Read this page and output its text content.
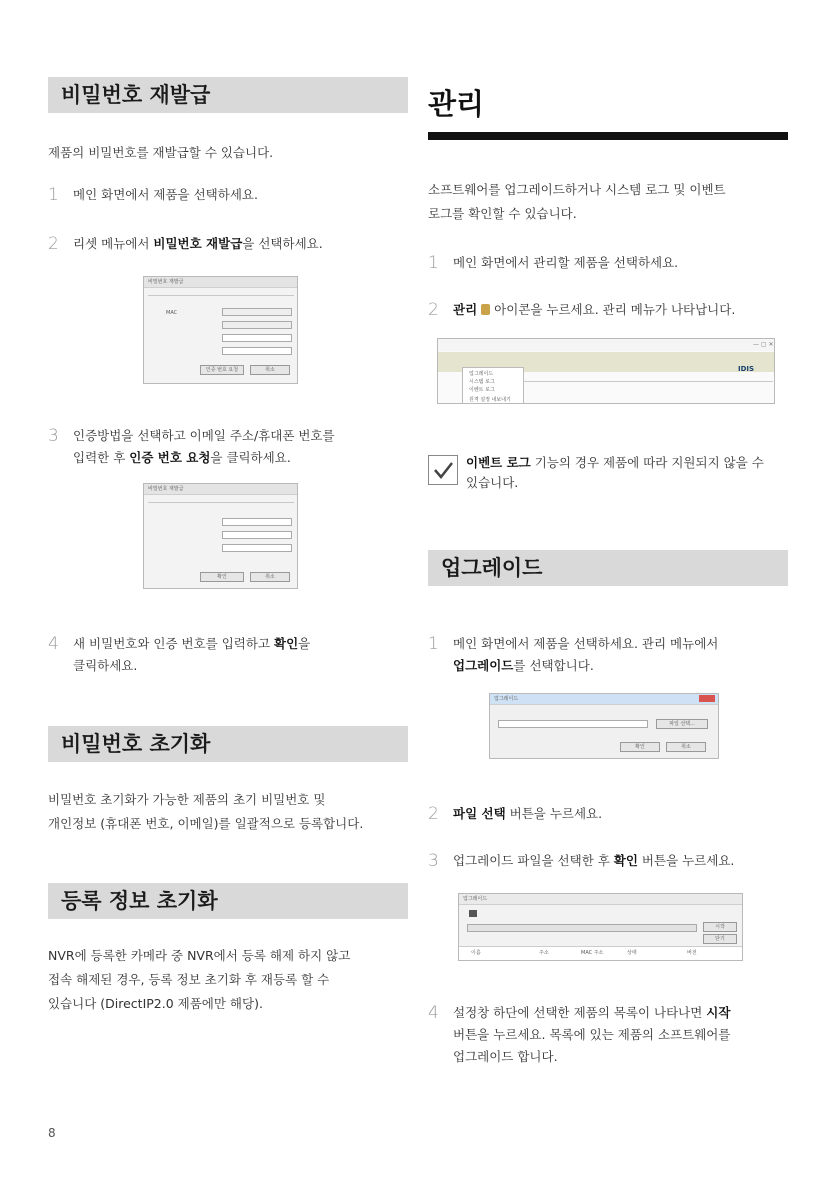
비밀번호 재발급
제품의 비밀번호를 재발급할 수 있습니다.
1 메인 화면에서 제품을 선택하세요.
2 리셋 메뉴에서 비밀번호 재발급을 선택하세요.
비밀번호 재발급
MAC
인증 번호 요청	취소
3 인증방법을 선택하고 이메일 주소/휴대폰 번호를
입력한 후 인증 번호 요청을 클릭하세요.
비밀번호 재발급
확인	취소
4 새 비밀번호와 인증 번호를 입력하고 확인을
클릭하세요.
비밀번호 초기화
비밀번호 초기화가 가능한 제품의 초기 비밀번호 및
개인정보 (휴대폰 번호, 이메일)를 일괄적으로 등록합니다.
등록 정보 초기화
NVR에 등록한 카메라 중 NVR에서 등록 해제 하지 않고
접속 해제된 경우, 등록 정보 초기화 후 재등록 할 수
있습니다 (DirectIP2.0 제품에만 해당).
8
관리
소프트웨어를 업그레이드하거나 시스템 로그 및 이벤트
로그를 확인할 수 있습니다.
1 메인 화면에서 관리할 제품을 선택하세요.
2 관리  아이콘을 누르세요. 관리 메뉴가 나타납니다.
— ▢ ✕
IDIS
업그레이드
시스템 로그
이벤트 로그
원격 설정 내보내기
이벤트 로그 기능의 경우 제품에 따라 지원되지 않을 수
있습니다.
업그레이드
1 메인 화면에서 제품을 선택하세요. 관리 메뉴에서
업그레이드를 선택합니다.
업그레이드
파일 선택...
확인	취소
2 파일 선택 버튼을 누르세요.
3 업그레이드 파일을 선택한 후 확인 버튼을 누르세요.
업그레이드
시작
닫기
이름	주소	MAC 주소	상태	버전
4 설정창 하단에 선택한 제품의 목록이 나타나면 시작
버튼을 누르세요. 목록에 있는 제품의 소프트웨어를
업그레이드 합니다.
